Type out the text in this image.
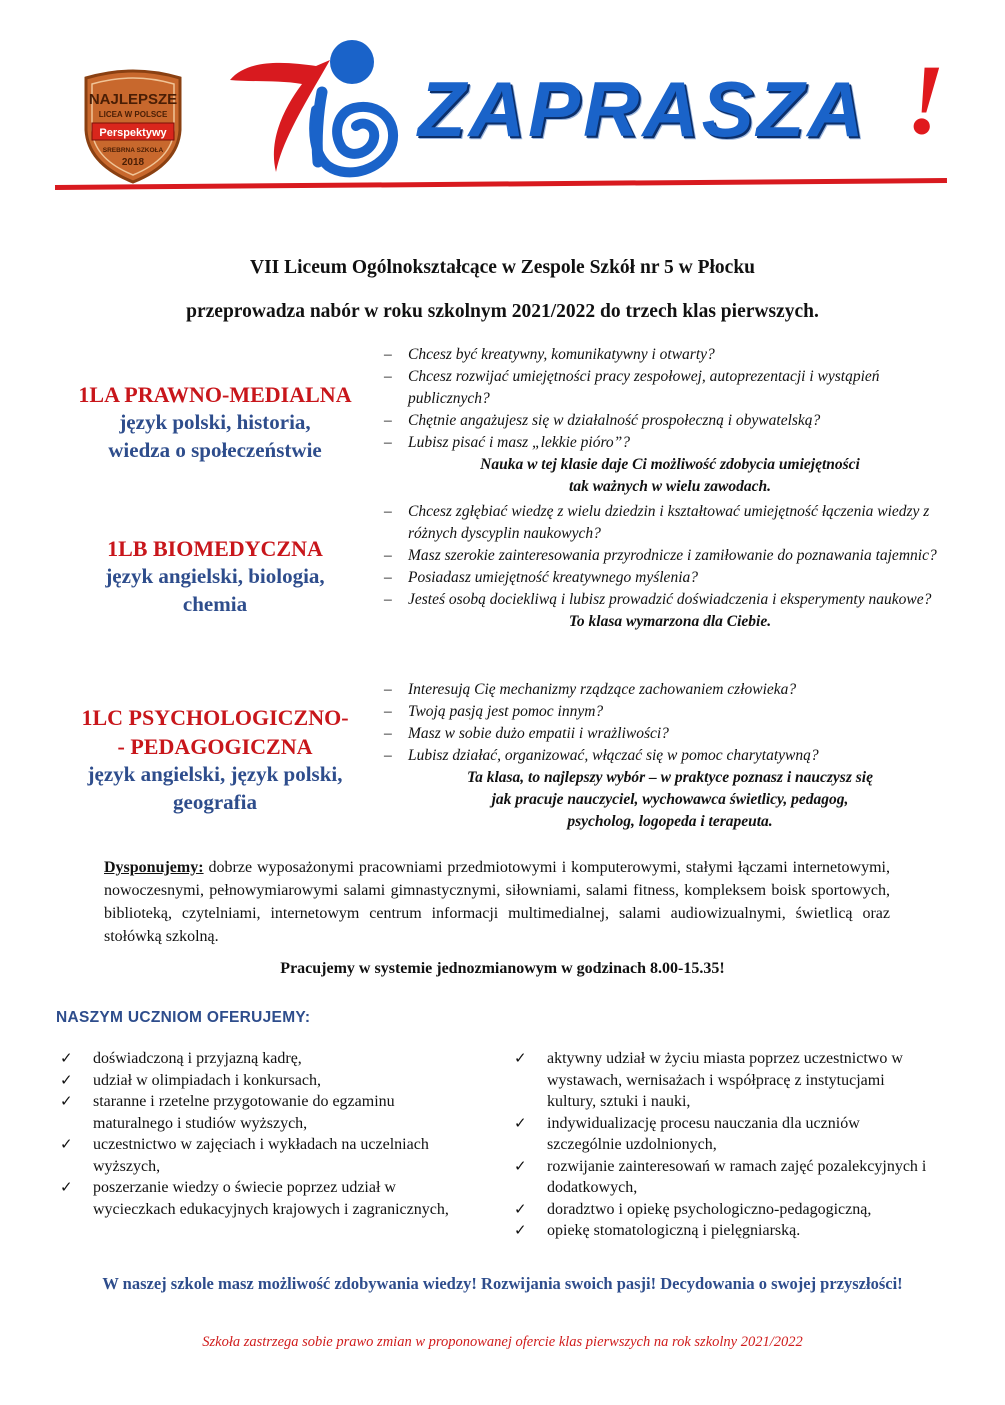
NAJLEPSZE
LICEA W POLSCE
Perspektywy
SREBRNA SZKOŁA
2018
ZAPRASZA !
VII Liceum Ogólnokształcące w Zespole Szkół nr 5 w Płocku
przeprowadza nabór w roku szkolnym 2021/2022 do trzech klas pierwszych.
1LA PRAWNO-MEDIALNA
język polski, historia,
wiedza o społeczeństwie
– Chcesz być kreatywny, komunikatywny i otwarty?
– Chcesz rozwijać umiejętności pracy zespołowej, autoprezentacji i wystąpień publicznych?
– Chętnie angażujesz się w działalność prospołeczną i obywatelską?
– Lubisz pisać i masz „lekkie pióro”?
Nauka w tej klasie daje Ci możliwość zdobycia umiejętności
tak ważnych w wielu zawodach.
1LB BIOMEDYCZNA
język angielski, biologia,
chemia
– Chcesz zgłębiać wiedzę z wielu dziedzin i kształtować umiejętność łączenia wiedzy z różnych dyscyplin naukowych?
– Masz szerokie zainteresowania przyrodnicze i zamiłowanie do poznawania tajemnic?
– Posiadasz umiejętność kreatywnego myślenia?
– Jesteś osobą dociekliwą i lubisz prowadzić doświadczenia i eksperymenty naukowe?
To klasa wymarzona dla Ciebie.
1LC PSYCHOLOGICZNO-
- PEDAGOGICZNA
język angielski, język polski,
geografia
– Interesują Cię mechanizmy rządzące zachowaniem człowieka?
– Twoją pasją jest pomoc innym?
– Masz w sobie dużo empatii i wrażliwości?
– Lubisz działać, organizować, włączać się w pomoc charytatywną?
Ta klasa, to najlepszy wybór – w praktyce poznasz i nauczysz się
jak pracuje nauczyciel, wychowawca świetlicy, pedagog,
psycholog, logopeda i terapeuta.
Dysponujemy: dobrze wyposażonymi pracowniami przedmiotowymi i komputerowymi, stałymi łączami internetowymi, nowoczesnymi, pełnowymiarowymi salami gimnastycznymi, siłowniami, salami fitness, kompleksem boisk sportowych, biblioteką, czytelniami, internetowym centrum informacji multimedialnej, salami audiowizualnymi, świetlicą oraz stołówką szkolną.
Pracujemy w systemie jednozmianowym w godzinach 8.00-15.35!
NASZYM UCZNIOM OFERUJEMY:
✓ doświadczoną i przyjazną kadrę,
✓ udział w olimpiadach i konkursach,
✓ staranne i rzetelne przygotowanie do egzaminu maturalnego i studiów wyższych,
✓ uczestnictwo w zajęciach i wykładach na uczelniach wyższych,
✓ poszerzanie wiedzy o świecie poprzez udział w wycieczkach edukacyjnych krajowych i zagranicznych,
✓ aktywny udział w życiu miasta poprzez uczestnictwo w wystawach, wernisażach i współpracę z instytucjami kultury, sztuki i nauki,
✓ indywidualizację procesu nauczania dla uczniów szczególnie uzdolnionych,
✓ rozwijanie zainteresowań w ramach zajęć pozalekcyjnych i dodatkowych,
✓ doradztwo i opiekę psychologiczno-pedagogiczną,
✓ opiekę stomatologiczną i pielęgniarską.
W naszej szkole masz możliwość zdobywania wiedzy! Rozwijania swoich pasji! Decydowania o swojej przyszłości!
Szkoła zastrzega sobie prawo zmian w proponowanej ofercie klas pierwszych na rok szkolny 2021/2022
